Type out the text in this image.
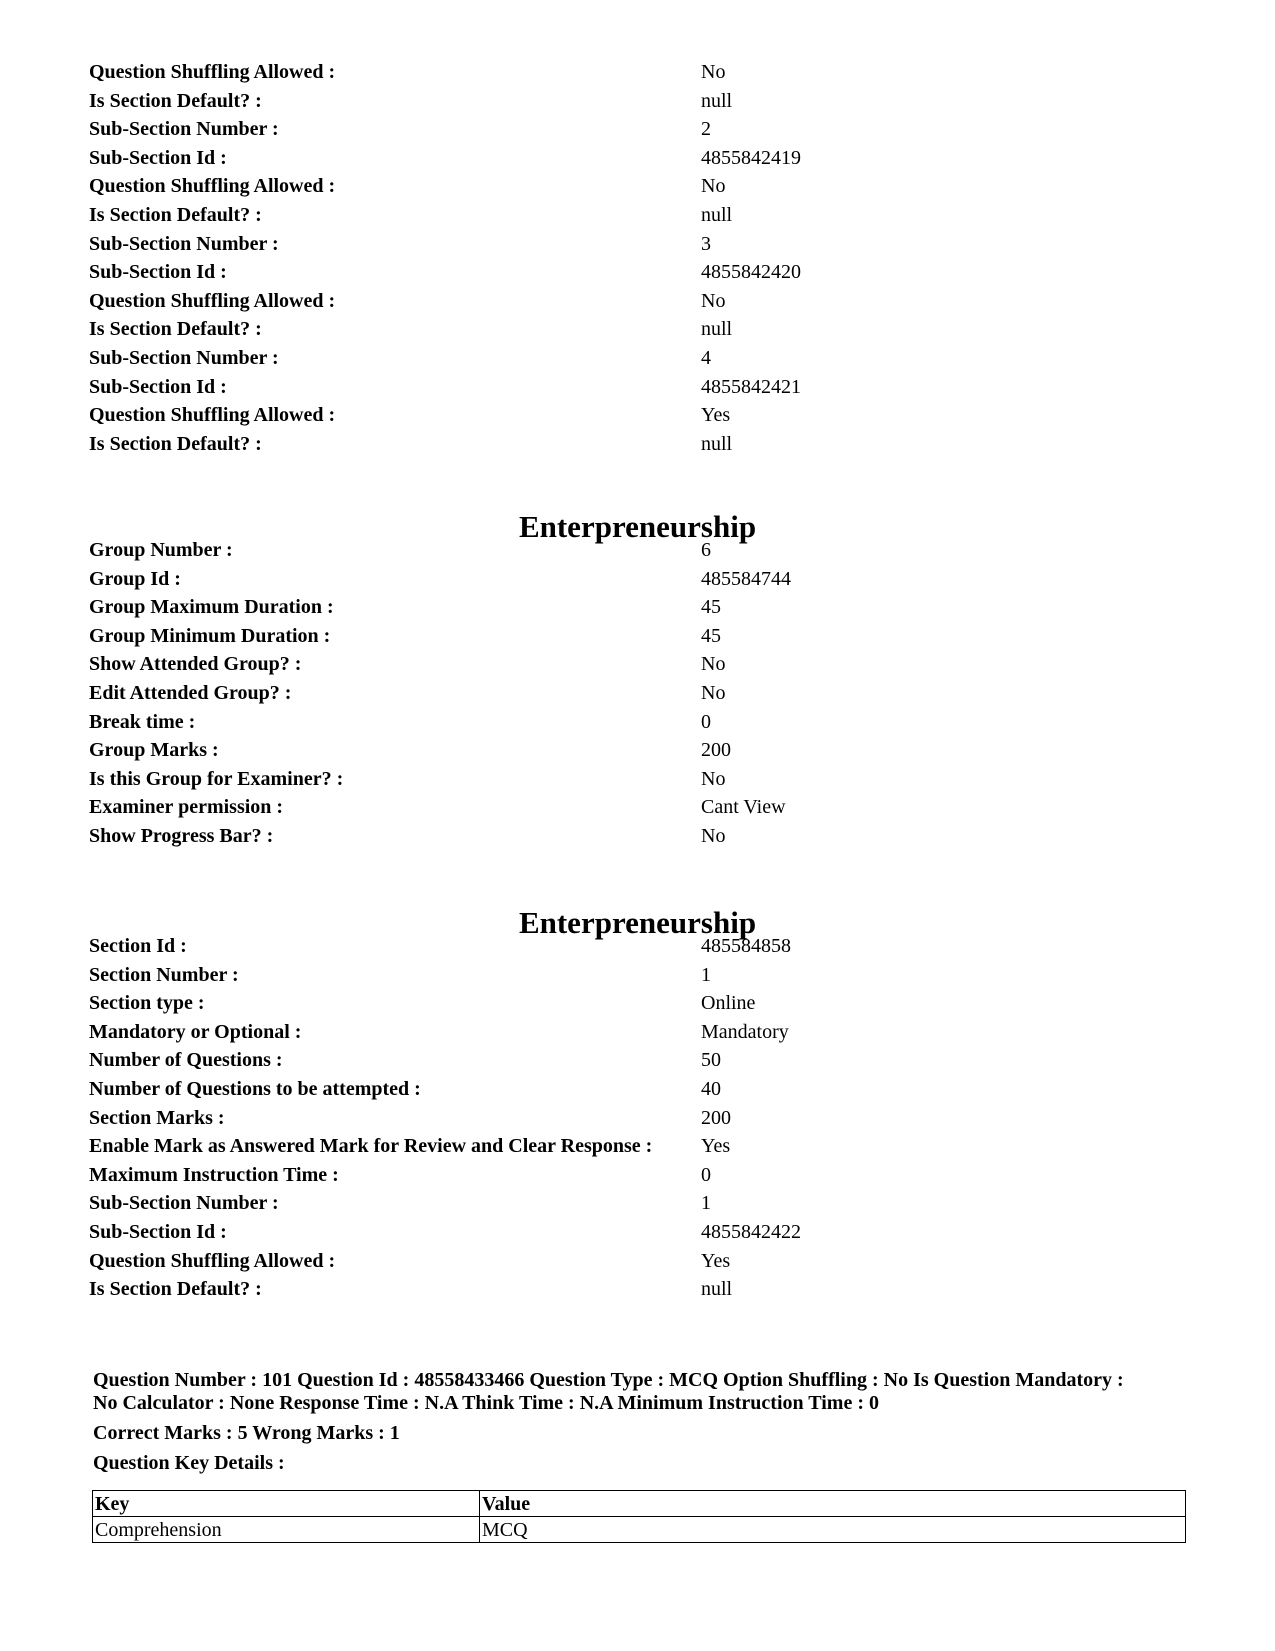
Question Shuffling Allowed :	No
Is Section Default? :	null
Sub-Section Number :	2
Sub-Section Id :	4855842419
Question Shuffling Allowed :	No
Is Section Default? :	null
Sub-Section Number :	3
Sub-Section Id :	4855842420
Question Shuffling Allowed :	No
Is Section Default? :	null
Sub-Section Number :	4
Sub-Section Id :	4855842421
Question Shuffling Allowed :	Yes
Is Section Default? :	null
Enterpreneurship
Group Number :	6
Group Id :	485584744
Group Maximum Duration :	45
Group Minimum Duration :	45
Show Attended Group? :	No
Edit Attended Group? :	No
Break time :	0
Group Marks :	200
Is this Group for Examiner? :	No
Examiner permission :	Cant View
Show Progress Bar? :	No
Enterpreneurship
Section Id :	485584858
Section Number :	1
Section type :	Online
Mandatory or Optional :	Mandatory
Number of Questions :	50
Number of Questions to be attempted :	40
Section Marks :	200
Enable Mark as Answered Mark for Review and Clear Response : Yes
Maximum Instruction Time :	0
Sub-Section Number :	1
Sub-Section Id :	4855842422
Question Shuffling Allowed :	Yes
Is Section Default? :	null
Question Number : 101 Question Id : 48558433466 Question Type : MCQ Option Shuffling : No Is Question Mandatory :
No Calculator : None Response Time : N.A Think Time : N.A Minimum Instruction Time : 0
Correct Marks : 5 Wrong Marks : 1
Question Key Details :
Key	Value
Comprehension	MCQ
